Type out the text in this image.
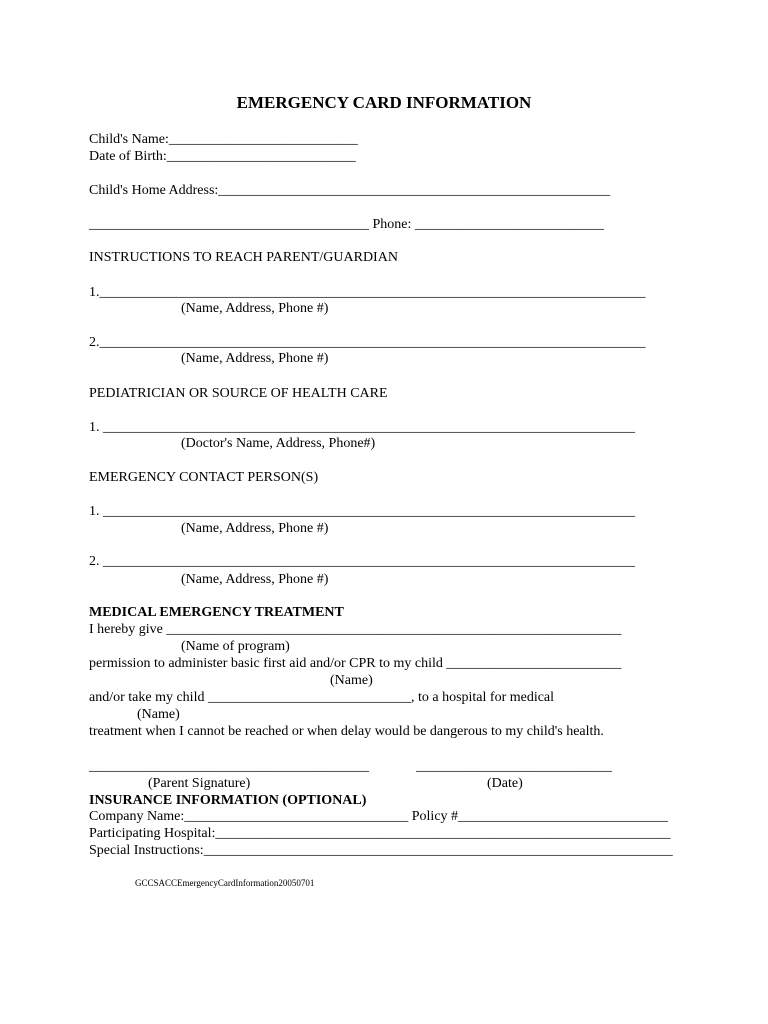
EMERGENCY CARD INFORMATION
Child's Name:___________________________
Date of Birth:___________________________
Child's Home Address:________________________________________________________
________________________________________ Phone: ___________________________
INSTRUCTIONS TO REACH PARENT/GUARDIAN
1.______________________________________________________________________________
(Name, Address, Phone #)
2.______________________________________________________________________________
(Name, Address, Phone #)
PEDIATRICIAN OR SOURCE OF HEALTH CARE
1. ____________________________________________________________________________
(Doctor's Name, Address, Phone#)
EMERGENCY CONTACT PERSON(S)
1. ____________________________________________________________________________
(Name, Address, Phone #)
2. ____________________________________________________________________________
(Name, Address, Phone #)
MEDICAL EMERGENCY TREATMENT
I hereby give _________________________________________________________________
(Name of program)
permission to administer basic first aid and/or CPR to my child _________________________
(Name)
and/or take my child _____________________________, to a hospital for medical
(Name)
treatment when I cannot be reached or when delay would be dangerous to my child's health.
________________________________________	____________________________
(Parent Signature)	(Date)
INSURANCE INFORMATION (OPTIONAL)
Company Name:________________________________ Policy #______________________________
Participating Hospital:_________________________________________________________________
Special Instructions:___________________________________________________________________
GCCSACCEmergencyCardInformation20050701
